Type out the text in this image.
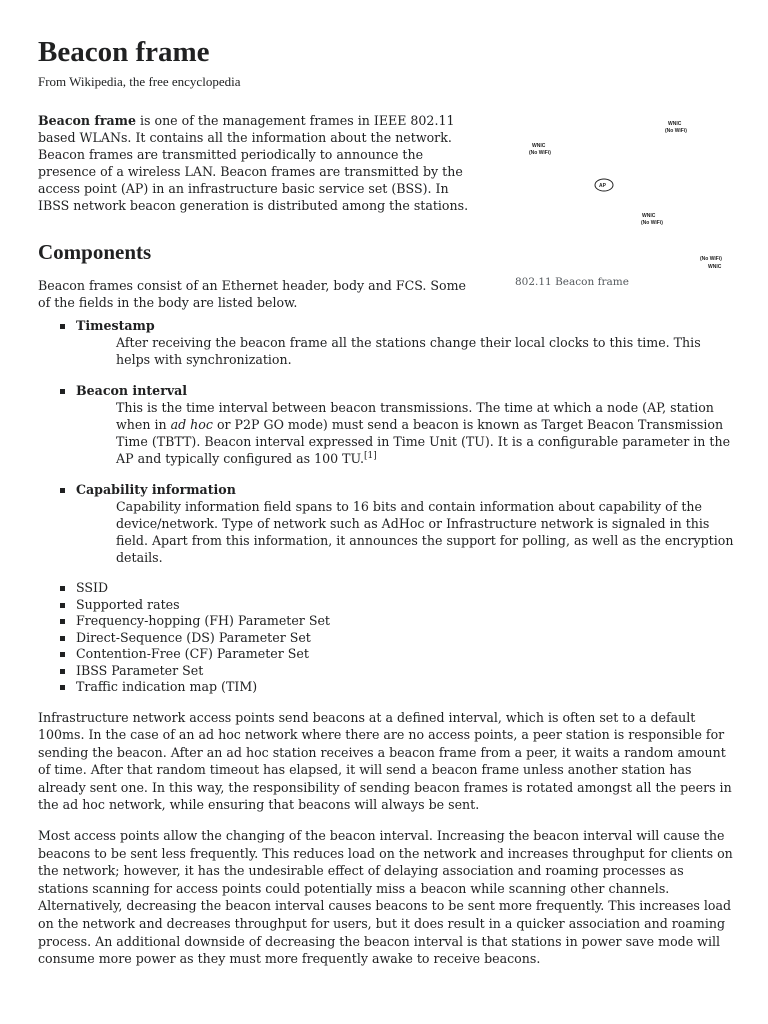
Beacon frame

From Wikipedia, the free encyclopedia

Beacon frame is one of the management frames in IEEE 802.11 based WLANs. It contains all the information about the network. Beacon frames are transmitted periodically to announce the presence of a wireless LAN. Beacon frames are transmitted by the access point (AP) in an infrastructure basic service set (BSS). In IBSS network beacon generation is distributed among the stations.

Components

Beacon frames consist of an Ethernet header, body and FCS. Some of the fields in the body are listed below.

Timestamp
After receiving the beacon frame all the stations change their local clocks to this time. This helps with synchronization.
Beacon interval
This is the time interval between beacon transmissions. The time at which a node (AP, station when in ad hoc or P2P GO mode) must send a beacon is known as Target Beacon Transmission Time (TBTT). Beacon interval expressed in Time Unit (TU). It is a configurable parameter in the AP and typically configured as 100 TU.[1]
Capability information
Capability information field spans to 16 bits and contain information about capability of the device/network. Type of network such as AdHoc or Infrastructure network is signaled in this field. Apart from this information, it announces the support for polling, as well as the encryption details.
SSID
Supported rates
Frequency-hopping (FH) Parameter Set
Direct-Sequence (DS) Parameter Set
Contention-Free (CF) Parameter Set
IBSS Parameter Set
Traffic indication map (TIM)

Infrastructure network access points send beacons at a defined interval, which is often set to a default 100ms. In the case of an ad hoc network where there are no access points, a peer station is responsible for sending the beacon. After an ad hoc station receives a beacon frame from a peer, it waits a random amount of time. After that random timeout has elapsed, it will send a beacon frame unless another station has already sent one. In this way, the responsibility of sending beacon frames is rotated amongst all the peers in the ad hoc network, while ensuring that beacons will always be sent.

Most access points allow the changing of the beacon interval. Increasing the beacon interval will cause the beacons to be sent less frequently. This reduces load on the network and increases throughput for clients on the network; however, it has the undesirable effect of delaying association and roaming processes as stations scanning for access points could potentially miss a beacon while scanning other channels. Alternatively, decreasing the beacon interval causes beacons to be sent more frequently. This increases load on the network and decreases throughput for users, but it does result in a quicker association and roaming process. An additional downside of decreasing the beacon interval is that stations in power save mode will consume more power as they must more frequently awake to receive beacons.

WNIC
(No WiFi)
WNIC
(No WiFi)
AP
WNIC
(No WiFi)
(No WiFi)
WNIC
802.11 Beacon frame
